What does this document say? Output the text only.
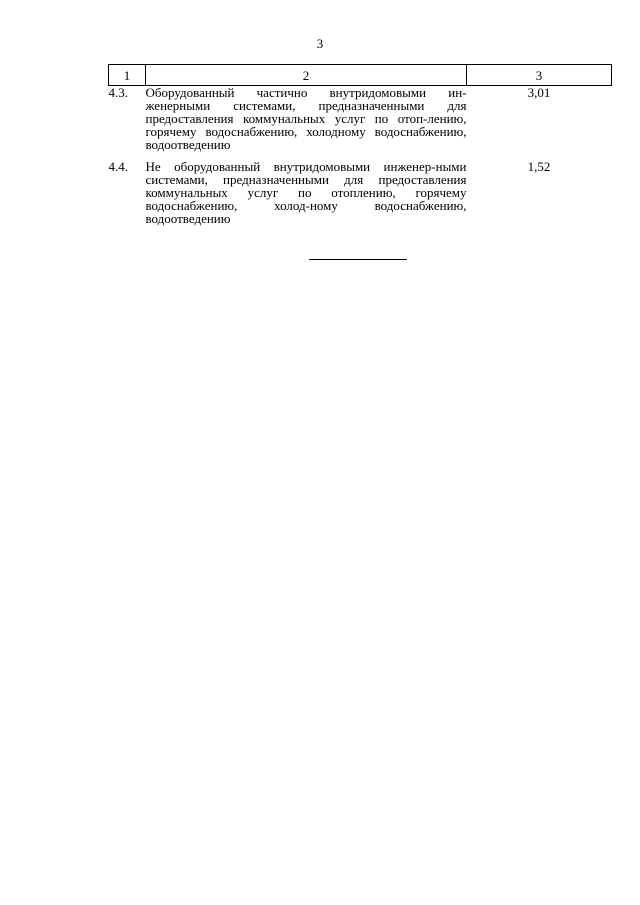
3
1	2	3
4.3.	Оборудованный частично внутридомовыми ин-женерными системами, предназначенными для предоставления коммунальных услуг по отоп-лению, горячему водоснабжению, холодному водоснабжению, водоотведению	3,01
4.4.	Не оборудованный внутридомовыми инженер-ными системами, предназначенными для предоставления коммунальных услуг по отоплению, горячему водоснабжению, холод-ному водоснабжению, водоотведению	1,52
